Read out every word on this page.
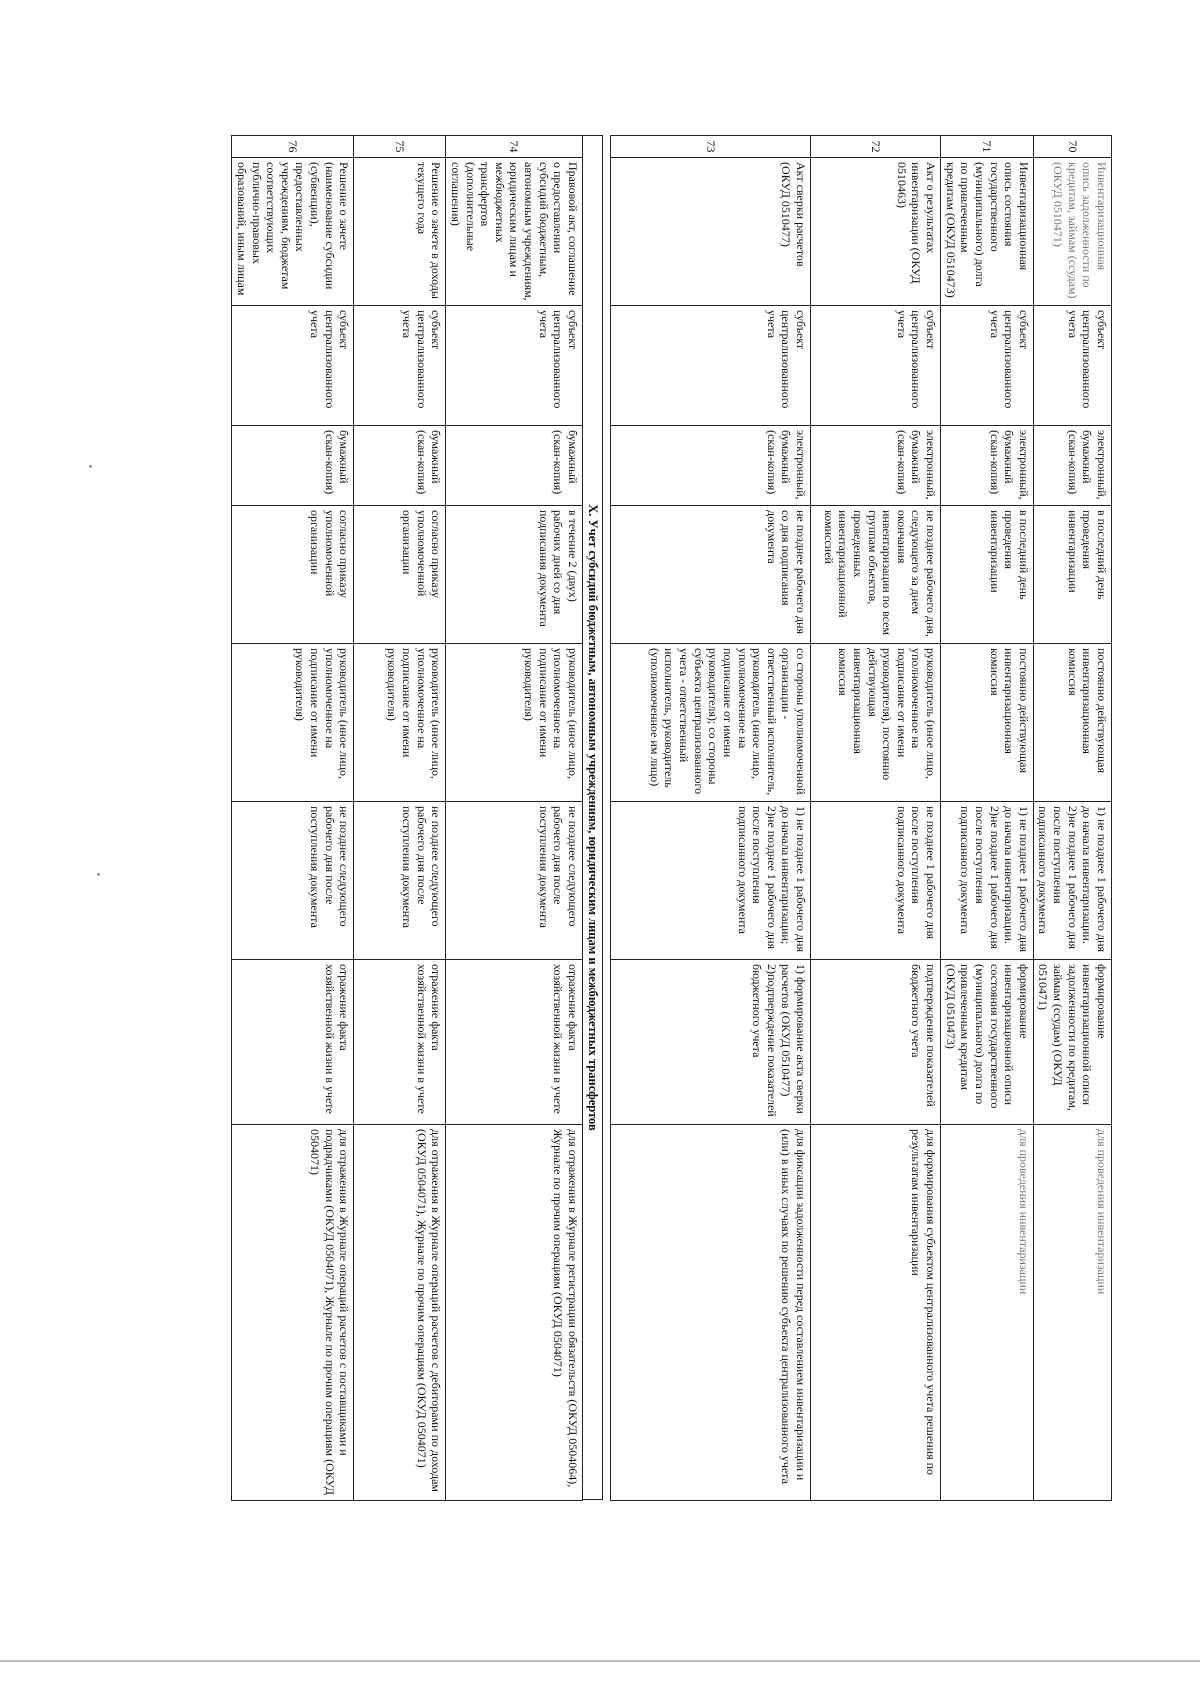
70	Инвентаризационная опись задолженности по кредитам, займам (ссудам) (ОКУД 0510471)	субъект централизованного учета	электронный, бумажный (скан-копия)	в последний день проведения инвентаризации	постоянно действующая инвентаризационная комиссия	1) не позднее 1 рабочего дня до начала инвентаризации. 2)не позднее 1 рабочего дня после поступления подписанного документа	формирование инвентаризационной описи задолженности по кредитам, займам (ссудам) (ОКУД 0510471)	для проведения инвентаризации
71	Инвентаризационная опись состояния государственного (муниципального) долга по привлеченным кредитам (ОКУД 0510473)	субъект централизованного учета	электронный, бумажный (скан-копия)	в последний день проведения инвентаризации	постоянно действующая инвентаризационная комиссия	1) не позднее 1 рабочего дня до начала инвентаризации. 2)не позднее 1 рабочего дня после поступления подписанного документа	формирование инвентаризационной описи состояния государственного (муниципального) долга по привлеченным кредитам (ОКУД 0510473)	для проведения инвентаризации
72	Акт о результатах инвентаризации (ОКУД 0510463)	субъект централизованного учета	электронный, бумажный (скан-копия)	не позднее рабочего дня, следующего за днем окончания инвентаризации по всем группам объектов, проведенных инвентаризационной комиссией	руководитель (иное лицо, уполномоченное на подписание от имени руководителя), постоянно действующая инвентаризационная комиссия	не позднее 1 рабочего дня после поступления подписанного документа	подтверждение показателей бюджетного учета	для формирования субъектом централизованного учета решения по результатам инвентаризации
73	Акт сверки расчетов (ОКУД 0510477)	субъект централизованного учета	электронный, бумажный (скан-копия)	не позднее рабочего дня со дня подписания документа	со стороны уполномоченной организации - ответственный исполнитель, руководитель (иное лицо, уполномоченное на подписание от имени руководителя); со стороны субъекта централизованного учета - ответственный исполнитель, руководитель (уполномоченное им лицо)	1) не позднее 1 рабочего дня до начала инвентаризации; 2)не позднее 1 рабочего дня после поступления подписанного документа	1) формирование акта сверки расчетов (ОКУД 0510477) 2)подтверждение показателей бюджетного учета	для фиксации задолженности перед составлением инвентаризации и (или) в иных случаях по решению субъекта централизованного учета
X. Учет субсидий бюджетным, автономным учреждениям, юридическим лицам и межбюджетных трансфертов
74	Правовой акт, соглашение о предоставлении субсидий бюджетным, автономным учреждениям, юридическим лицам и межбюджетных трансфертов (дополнительные соглашения)	субъект централизованного учета	бумажный (скан-копия)	в течение 2 (двух) рабочих дней со дня подписания документа	руководитель (иное лицо, уполномоченное на подписание от имени руководителя)	не позднее следующего рабочего дня после поступления документа	отражение факта хозяйственной жизни в учете	для отражения в Журнале регистрации обязательств (ОКУД 0504064), Журнале по прочим операциям (ОКУД 0504071)
75	Решение о зачете в доходы текущего года	субъект централизованного учета	бумажный (скан-копия)	согласно приказу уполномоченной организации	руководитель (иное лицо, уполномоченное на подписание от имени руководителя)	не позднее следующего рабочего дня после поступления документа	отражение факта хозяйственной жизни в учете	для отражения в Журнале операций расчетов с дебиторами по доходам (ОКУД 0504071), Журнале по прочим операциям (ОКУД 0504071)
76	Решение о зачете (наименование субсидии (субвенции), предоставленных учреждениям, бюджетам соответствующих публично-правовых образований, иным лицам	субъект централизованного учета	бумажный (скан-копия)	согласно приказу уполномоченной организации	руководитель (иное лицо, уполномоченное на подписание от имени руководителя)	не позднее следующего рабочего дня после поступления документа	отражение факта хозяйственной жизни в учете	для отражения в Журнале операций расчетов с поставщиками и подрядчиками (ОКУД 0504071), Журнале по прочим операциям (ОКУД 0504071)
